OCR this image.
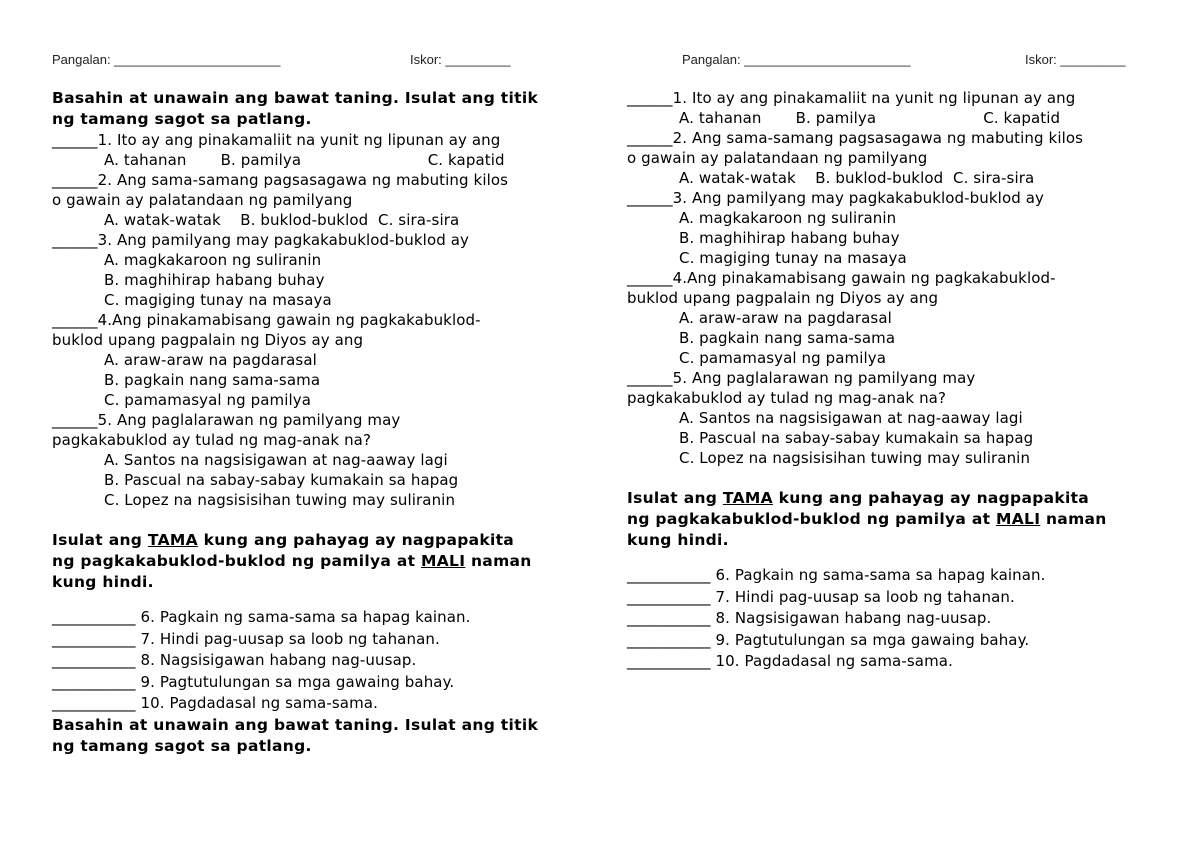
Pangalan: _______________________	Iskor: _________
Basahin at unawain ang bawat taning. Isulat ang titik
ng tamang sagot sa patlang.
______1. Ito ay ang pinakamaliit na yunit ng lipunan ay ang
A. tahanan       B. pamilya                          C. kapatid
______2. Ang sama-samang pagsasagawa ng mabuting kilos
o gawain ay palatandaan ng pamilyang
A. watak-watak    B. buklod-buklod  C. sira-sira
______3. Ang pamilyang may pagkakabuklod-buklod ay
A. magkakaroon ng suliranin
B. maghihirap habang buhay
C. magiging tunay na masaya
______4.Ang pinakamabisang gawain ng pagkakabuklod-
buklod upang pagpalain ng Diyos ay ang
A. araw-araw na pagdarasal
B. pagkain nang sama-sama
C. pamamasyal ng pamilya
______5. Ang paglalarawan ng pamilyang may
pagkakabuklod ay tulad ng mag-anak na?
A. Santos na nagsisigawan at nag-aaway lagi
B. Pascual na sabay-sabay kumakain sa hapag
C. Lopez na nagsisisihan tuwing may suliranin
Isulat ang TAMA kung ang pahayag ay nagpapakita
ng pagkakabuklod-buklod ng pamilya at MALI naman
kung hindi.
___________ 6. Pagkain ng sama-sama sa hapag kainan.
___________ 7. Hindi pag-uusap sa loob ng tahanan.
___________ 8. Nagsisigawan habang nag-uusap.
___________ 9. Pagtutulungan sa mga gawaing bahay.
___________ 10. Pagdadasal ng sama-sama.
Basahin at unawain ang bawat taning. Isulat ang titik
ng tamang sagot sa patlang.
Pangalan: _______________________	Iskor: _________
______1. Ito ay ang pinakamaliit na yunit ng lipunan ay ang
A. tahanan       B. pamilya                      C. kapatid
______2. Ang sama-samang pagsasagawa ng mabuting kilos
o gawain ay palatandaan ng pamilyang
A. watak-watak    B. buklod-buklod  C. sira-sira
______3. Ang pamilyang may pagkakabuklod-buklod ay
A. magkakaroon ng suliranin
B. maghihirap habang buhay
C. magiging tunay na masaya
______4.Ang pinakamabisang gawain ng pagkakabuklod-
buklod upang pagpalain ng Diyos ay ang
A. araw-araw na pagdarasal
B. pagkain nang sama-sama
C. pamamasyal ng pamilya
______5. Ang paglalarawan ng pamilyang may
pagkakabuklod ay tulad ng mag-anak na?
A. Santos na nagsisigawan at nag-aaway lagi
B. Pascual na sabay-sabay kumakain sa hapag
C. Lopez na nagsisisihan tuwing may suliranin
Isulat ang TAMA kung ang pahayag ay nagpapakita
ng pagkakabuklod-buklod ng pamilya at MALI naman
kung hindi.
___________ 6. Pagkain ng sama-sama sa hapag kainan.
___________ 7. Hindi pag-uusap sa loob ng tahanan.
___________ 8. Nagsisigawan habang nag-uusap.
___________ 9. Pagtutulungan sa mga gawaing bahay.
___________ 10. Pagdadasal ng sama-sama.
